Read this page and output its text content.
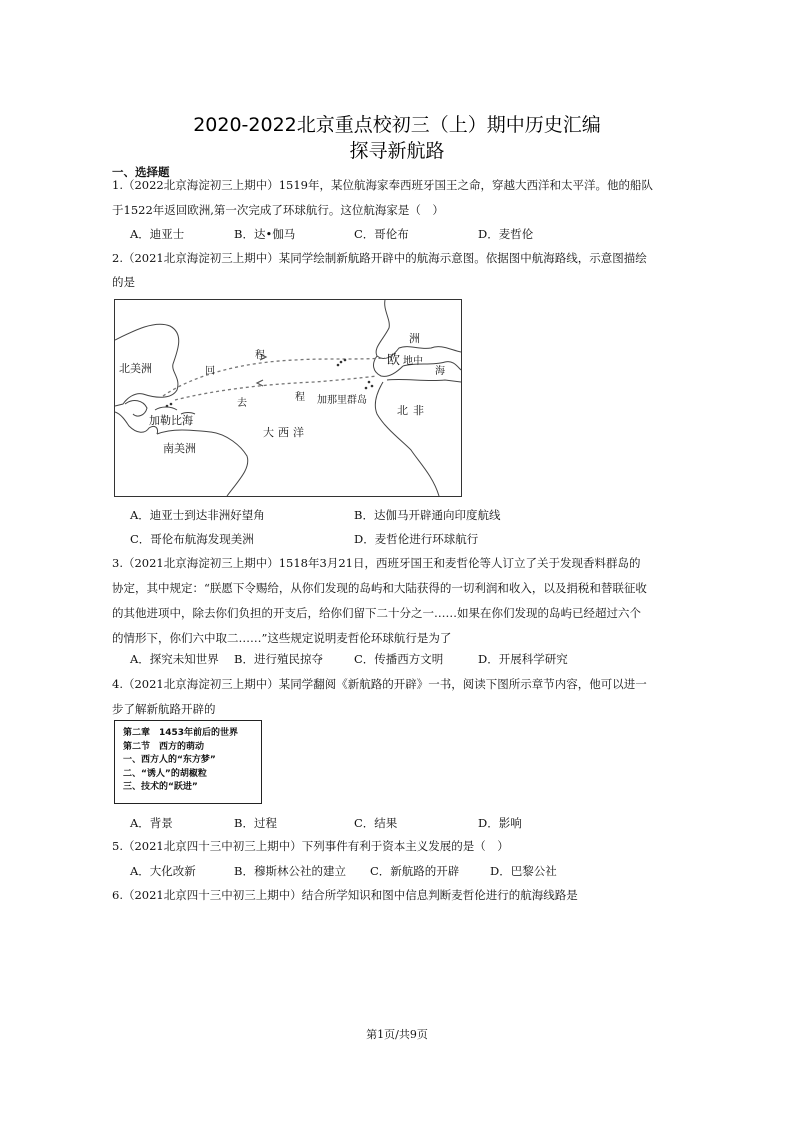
2020-2022北京重点校初三（上）期中历史汇编
探寻新航路
一、选择题
1.（2022北京海淀初三上期中）1519年，某位航海家奉西班牙国王之命，穿越大西洋和太平洋。他的船队
于1522年返回欧洲,第一次完成了环球航行。这位航海家是（　）
A．迪亚士	B．达•伽马	C．哥伦布	D．麦哲伦
2.（2021北京海淀初三上期中）某同学绘制新航路开辟中的航海示意图。依据图中航海路线，示意图描绘
的是
北美洲
南美洲
加勒比海
大西洋
洲
欧 地中
海
北非
加那里群岛
回
程
去
程
A．迪亚士到达非洲好望角	B．达伽马开辟通向印度航线
C．哥伦布航海发现美洲	D．麦哲伦进行环球航行
3.（2021北京海淀初三上期中）1518年3月21日，西班牙国王和麦哲伦等人订立了关于发现香料群岛的
协定，其中规定：“朕愿下令赐给，从你们发现的岛屿和大陆获得的一切利润和收入，以及捐税和替联征收
的其他进项中，除去你们负担的开支后，给你们留下二十分之一……如果在你们发现的岛屿已经超过六个
的情形下，你们六中取二……”这些规定说明麦哲伦环球航行是为了
A．探究未知世界 B．进行殖民掠夺	C．传播西方文明	D．开展科学研究
4.（2021北京海淀初三上期中）某同学翻阅《新航路的开辟》一书，阅读下图所示章节内容，他可以进一
步了解新航路开辟的
第二章　1453年前后的世界
第二节　西方的萌动
一、西方人的“东方梦”
二、“诱人”的胡椒粒
三、技术的“跃进”
A．背景	B．过程	C．结果	D．影响
5.（2021北京四十三中初三上期中）下列事件有利于资本主义发展的是（　）
A．大化改新	B．穆斯林公社的建立 C．新航路的开辟	D．巴黎公社
6.（2021北京四十三中初三上期中）结合所学知识和图中信息判断麦哲伦进行的航海线路是
第1页/共9页
